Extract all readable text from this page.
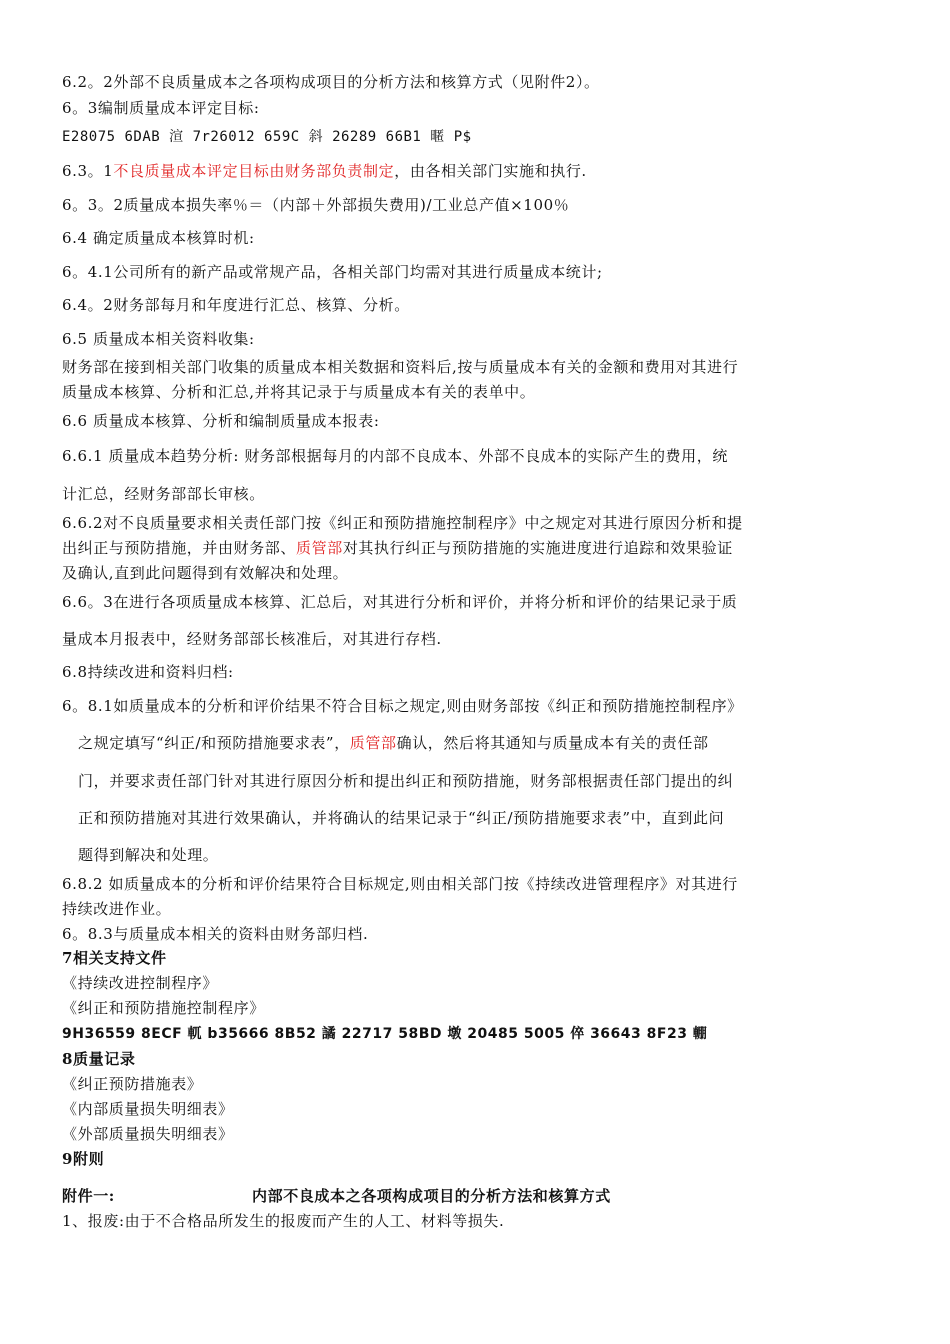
6.2。2外部不良质量成本之各项构成项目的分析方法和核算方式（见附件2）。
6。3编制质量成本评定目标:
E28075 6DAB 渲 7r26012 659C 斜 26289 66B1 暱 P$
6.3。1不良质量成本评定目标由财务部负责制定，由各相关部门实施和执行.
6。3。2质量成本损失率％＝（内部＋外部损失费用)/工业总产值×100％
6.4 确定质量成本核算时机:
6。4.1公司所有的新产品或常规产品，各相关部门均需对其进行质量成本统计;
6.4。2财务部每月和年度进行汇总、核算、分析。
6.5 质量成本相关资料收集:
财务部在接到相关部门收集的质量成本相关数据和资料后,按与质量成本有关的金额和费用对其进行
质量成本核算、分析和汇总,并将其记录于与质量成本有关的表单中。
6.6 质量成本核算、分析和编制质量成本报表:
6.6.1 质量成本趋势分析: 财务部根据每月的内部不良成本、外部不良成本的实际产生的费用，统
计汇总，经财务部部长审核。
6.6.2对不良质量要求相关责任部门按《纠正和预防措施控制程序》中之规定对其进行原因分析和提
出纠正与预防措施，并由财务部、质管部对其执行纠正与预防措施的实施进度进行追踪和效果验证
及确认,直到此问题得到有效解决和处理。
6.6。3在进行各项质量成本核算、汇总后，对其进行分析和评价，并将分析和评价的结果记录于质
量成本月报表中，经财务部部长核准后，对其进行存档.
6.8持续改进和资料归档:
6。8.1如质量成本的分析和评价结果不符合目标之规定,则由财务部按《纠正和预防措施控制程序》
之规定填写“纠正/和预防措施要求表”，质管部确认，然后将其通知与质量成本有关的责任部
门，并要求责任部门针对其进行原因分析和提出纠正和预防措施，财务部根据责任部门提出的纠
正和预防措施对其进行效果确认，并将确认的结果记录于“纠正/预防措施要求表”中，直到此问
题得到解决和处理。
6.8.2 如质量成本的分析和评价结果符合目标规定,则由相关部门按《持续改进管理程序》对其进行
持续改进作业。
6。8.3与质量成本相关的资料由财务部归档.
7相关支持文件
《持续改进控制程序》
《纠正和预防措施控制程序》
9H36559 8ECF 軏 b35666 8B52 譎 22717 58BD 墩 20485 5005 倅 36643 8F23 輣
8质量记录
《纠正预防措施表》
《内部质量损失明细表》
《外部质量损失明细表》
9附则
附件一:	内部不良成本之各项构成项目的分析方法和核算方式
1、报废:由于不合格品所发生的报废而产生的人工、材料等损失.
